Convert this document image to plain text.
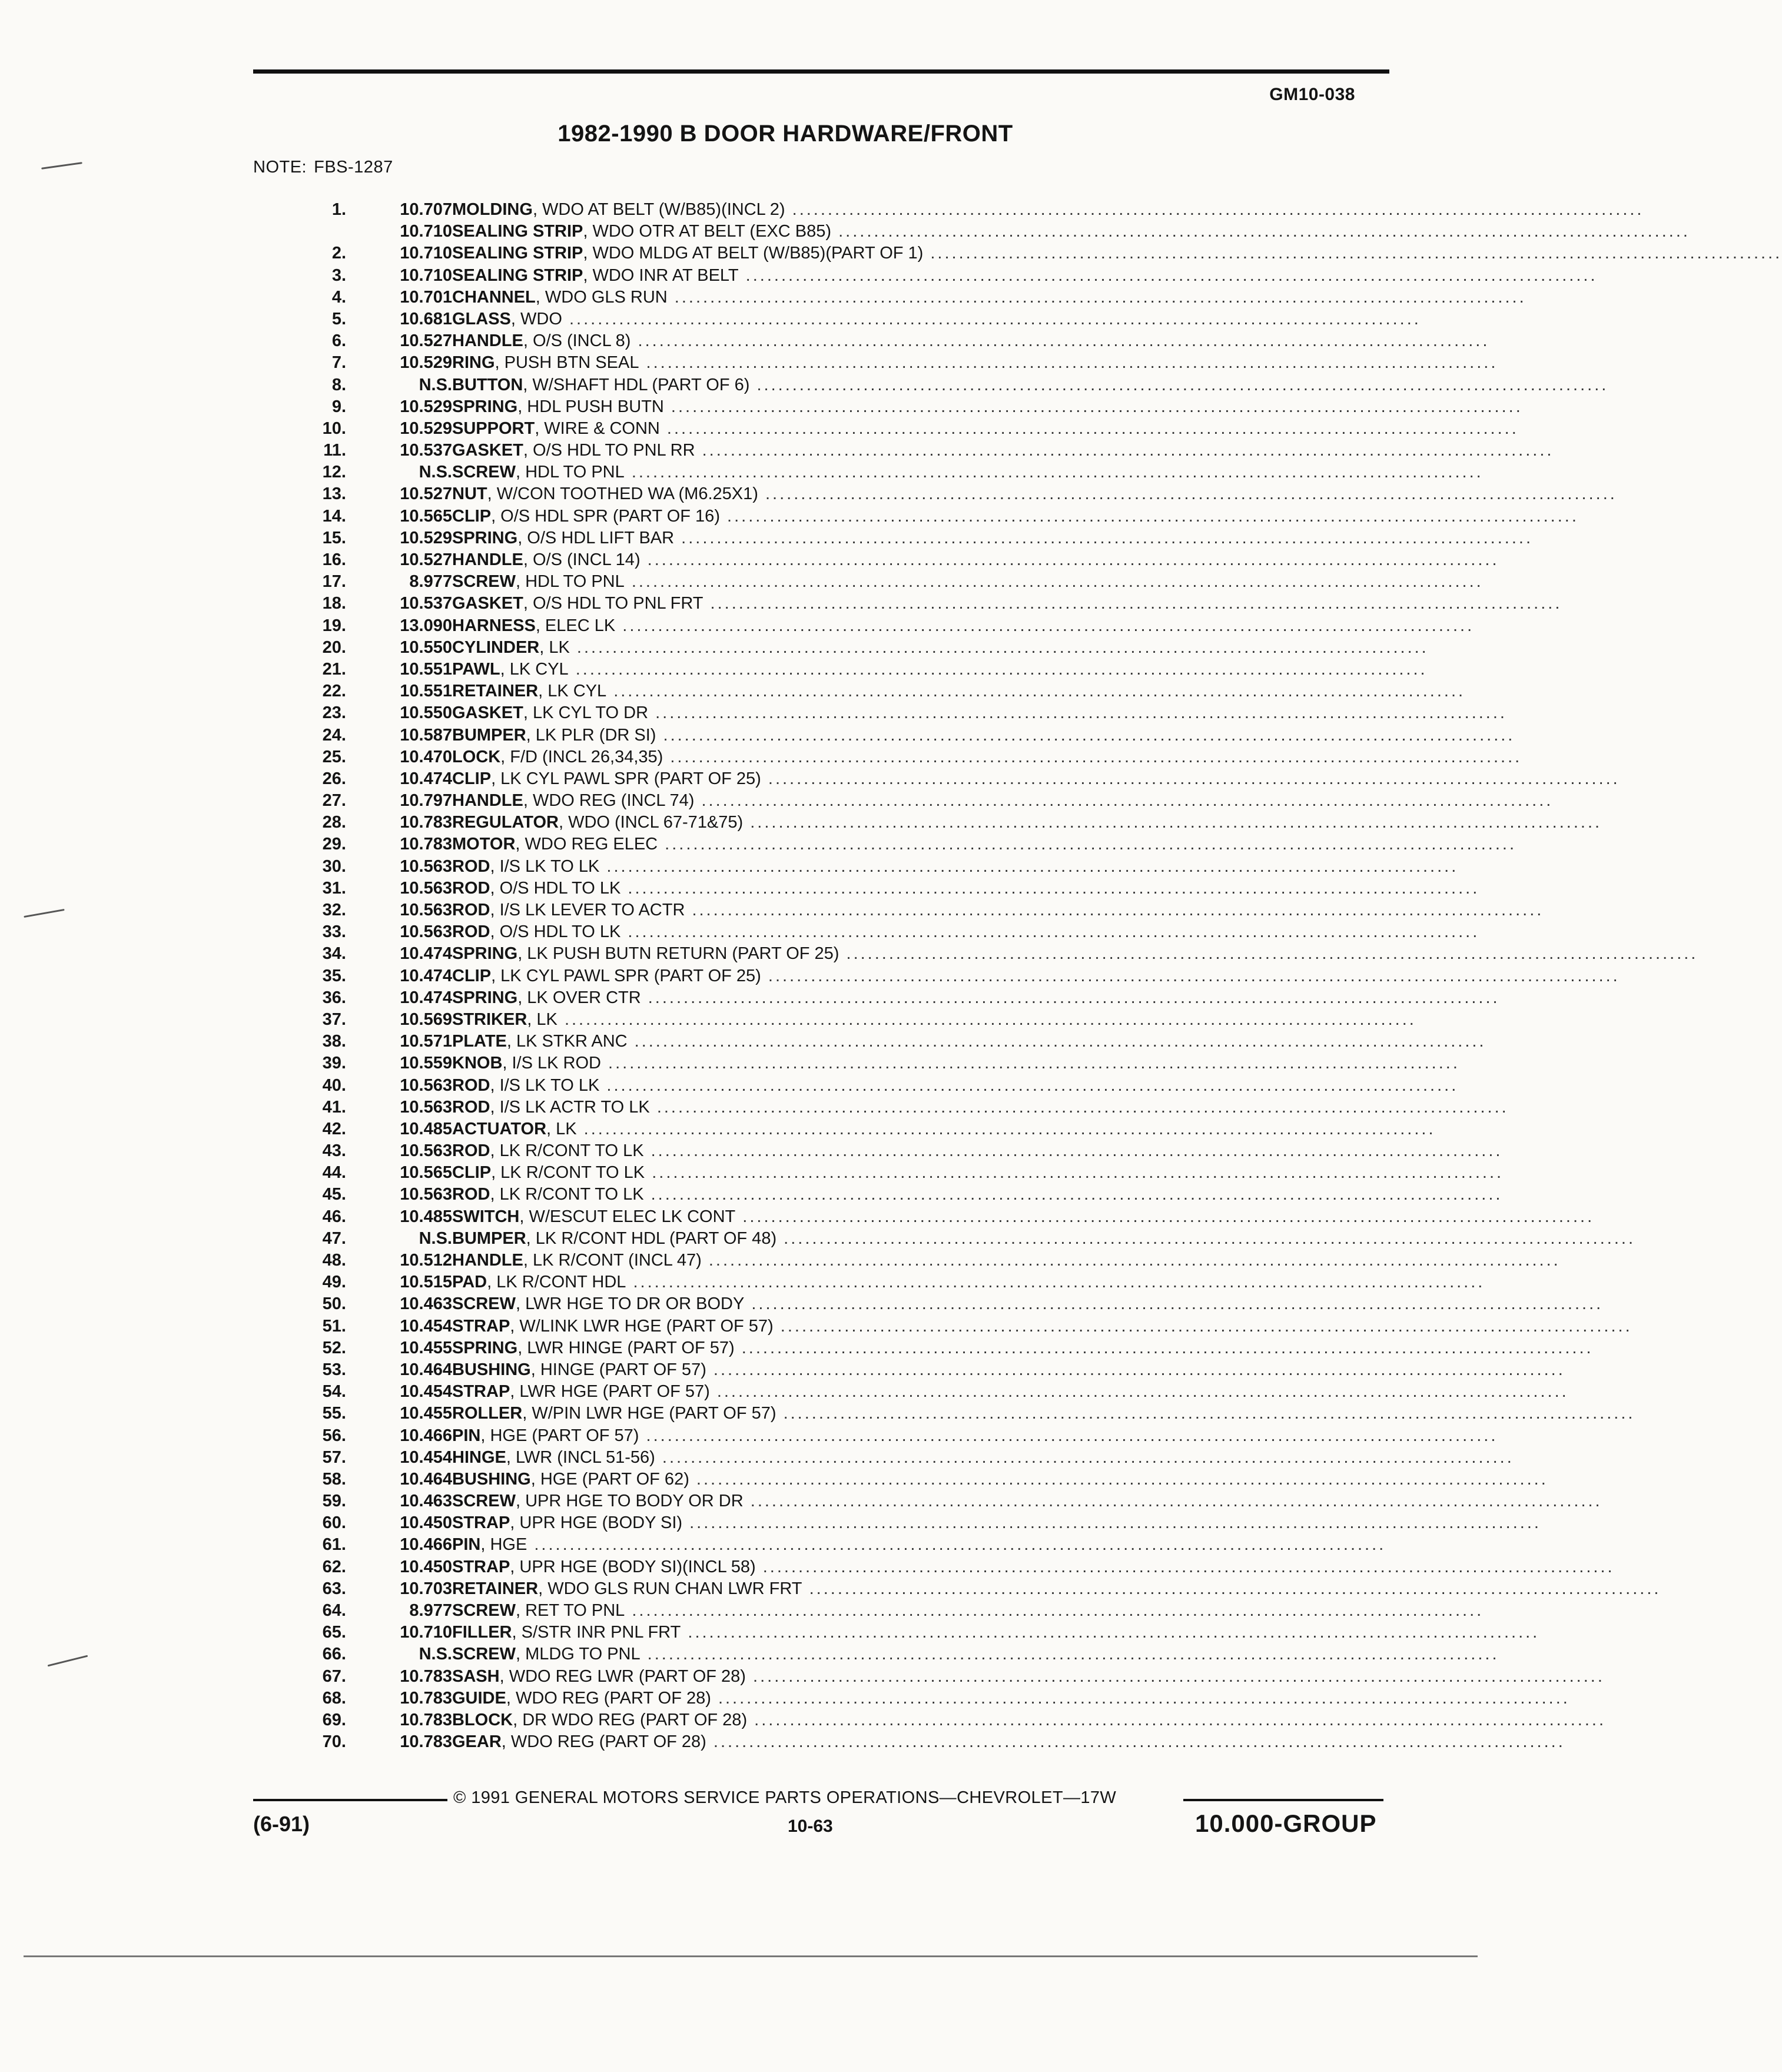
GM10-038
1982-1990 B DOOR HARDWARE/FRONT
NOTE: FBS-1287
1.	10.707 MOLDING, WDO AT BELT (W/B85)(INCL 2) ........................................................................................................................
10.710 SEALING STRIP, WDO OTR AT BELT (EXC B85) ........................................................................................................................
2.	10.710 SEALING STRIP, WDO MLDG AT BELT (W/B85)(PART OF 1) ........................................................................................................................
3.	10.710 SEALING STRIP, WDO INR AT BELT ........................................................................................................................
4.	10.701 CHANNEL, WDO GLS RUN ........................................................................................................................
5.	10.681 GLASS, WDO ........................................................................................................................
6.	10.527 HANDLE, O/S (INCL 8) ........................................................................................................................
7.	10.529 RING, PUSH BTN SEAL ........................................................................................................................
8.	N.S. BUTTON, W/SHAFT HDL (PART OF 6) ........................................................................................................................
9.	10.529 SPRING, HDL PUSH BUTN ........................................................................................................................
10.	10.529 SUPPORT, WIRE & CONN ........................................................................................................................
11.	10.537 GASKET, O/S HDL TO PNL RR ........................................................................................................................
12.	N.S. SCREW, HDL TO PNL ........................................................................................................................
13.	10.527 NUT, W/CON TOOTHED WA (M6.25X1) ........................................................................................................................
14.	10.565 CLIP, O/S HDL SPR (PART OF 16) ........................................................................................................................
15.	10.529 SPRING, O/S HDL LIFT BAR ........................................................................................................................
16.	10.527 HANDLE, O/S (INCL 14) ........................................................................................................................
17.	8.977 SCREW, HDL TO PNL ........................................................................................................................
18.	10.537 GASKET, O/S HDL TO PNL FRT ........................................................................................................................
19.	13.090 HARNESS, ELEC LK ........................................................................................................................
20.	10.550 CYLINDER, LK ........................................................................................................................
21.	10.551 PAWL, LK CYL ........................................................................................................................
22.	10.551 RETAINER, LK CYL ........................................................................................................................
23.	10.550 GASKET, LK CYL TO DR ........................................................................................................................
24.	10.587 BUMPER, LK PLR (DR SI) ........................................................................................................................
25.	10.470 LOCK, F/D (INCL 26,34,35) ........................................................................................................................
26.	10.474 CLIP, LK CYL PAWL SPR (PART OF 25) ........................................................................................................................
27.	10.797 HANDLE, WDO REG (INCL 74) ........................................................................................................................
28.	10.783 REGULATOR, WDO (INCL 67-71&75) ........................................................................................................................
29.	10.783 MOTOR, WDO REG ELEC ........................................................................................................................
30.	10.563 ROD, I/S LK TO LK ........................................................................................................................
31.	10.563 ROD, O/S HDL TO LK ........................................................................................................................
32.	10.563 ROD, I/S LK LEVER TO ACTR ........................................................................................................................
33.	10.563 ROD, O/S HDL TO LK ........................................................................................................................
34.	10.474 SPRING, LK PUSH BUTN RETURN (PART OF 25) ........................................................................................................................
35.	10.474 CLIP, LK CYL PAWL SPR (PART OF 25) ........................................................................................................................
36.	10.474 SPRING, LK OVER CTR ........................................................................................................................
37.	10.569 STRIKER, LK ........................................................................................................................
38.	10.571 PLATE, LK STKR ANC ........................................................................................................................
39.	10.559 KNOB, I/S LK ROD ........................................................................................................................
40.	10.563 ROD, I/S LK TO LK ........................................................................................................................
41.	10.563 ROD, I/S LK ACTR TO LK ........................................................................................................................
42.	10.485 ACTUATOR, LK ........................................................................................................................
43.	10.563 ROD, LK R/CONT TO LK ........................................................................................................................
44.	10.565 CLIP, LK R/CONT TO LK ........................................................................................................................
45.	10.563 ROD, LK R/CONT TO LK ........................................................................................................................
46.	10.485 SWITCH, W/ESCUT ELEC LK CONT ........................................................................................................................
47.	N.S. BUMPER, LK R/CONT HDL (PART OF 48) ........................................................................................................................
48.	10.512 HANDLE, LK R/CONT (INCL 47) ........................................................................................................................
49.	10.515 PAD, LK R/CONT HDL ........................................................................................................................
50.	10.463 SCREW, LWR HGE TO DR OR BODY ........................................................................................................................
51.	10.454 STRAP, W/LINK LWR HGE (PART OF 57) ........................................................................................................................
52.	10.455 SPRING, LWR HINGE (PART OF 57) ........................................................................................................................
53.	10.464 BUSHING, HINGE (PART OF 57) ........................................................................................................................
54.	10.454 STRAP, LWR HGE (PART OF 57) ........................................................................................................................
55.	10.455 ROLLER, W/PIN LWR HGE (PART OF 57) ........................................................................................................................
56.	10.466 PIN, HGE (PART OF 57) ........................................................................................................................
57.	10.454 HINGE, LWR (INCL 51-56) ........................................................................................................................
58.	10.464 BUSHING, HGE (PART OF 62) ........................................................................................................................
59.	10.463 SCREW, UPR HGE TO BODY OR DR ........................................................................................................................
60.	10.450 STRAP, UPR HGE (BODY SI) ........................................................................................................................
61.	10.466 PIN, HGE ........................................................................................................................
62.	10.450 STRAP, UPR HGE (BODY SI)(INCL 58) ........................................................................................................................
63.	10.703 RETAINER, WDO GLS RUN CHAN LWR FRT ........................................................................................................................
64.	8.977 SCREW, RET TO PNL ........................................................................................................................
65.	10.710 FILLER, S/STR INR PNL FRT ........................................................................................................................
66.	N.S. SCREW, MLDG TO PNL ........................................................................................................................
67.	10.783 SASH, WDO REG LWR (PART OF 28) ........................................................................................................................
68.	10.783 GUIDE, WDO REG (PART OF 28) ........................................................................................................................
69.	10.783 BLOCK, DR WDO REG (PART OF 28) ........................................................................................................................
70.	10.783 GEAR, WDO REG (PART OF 28) ........................................................................................................................
© 1991 GENERAL MOTORS SERVICE PARTS OPERATIONS—CHEVROLET—17W
(6-91)	10-63	10.000-GROUP
